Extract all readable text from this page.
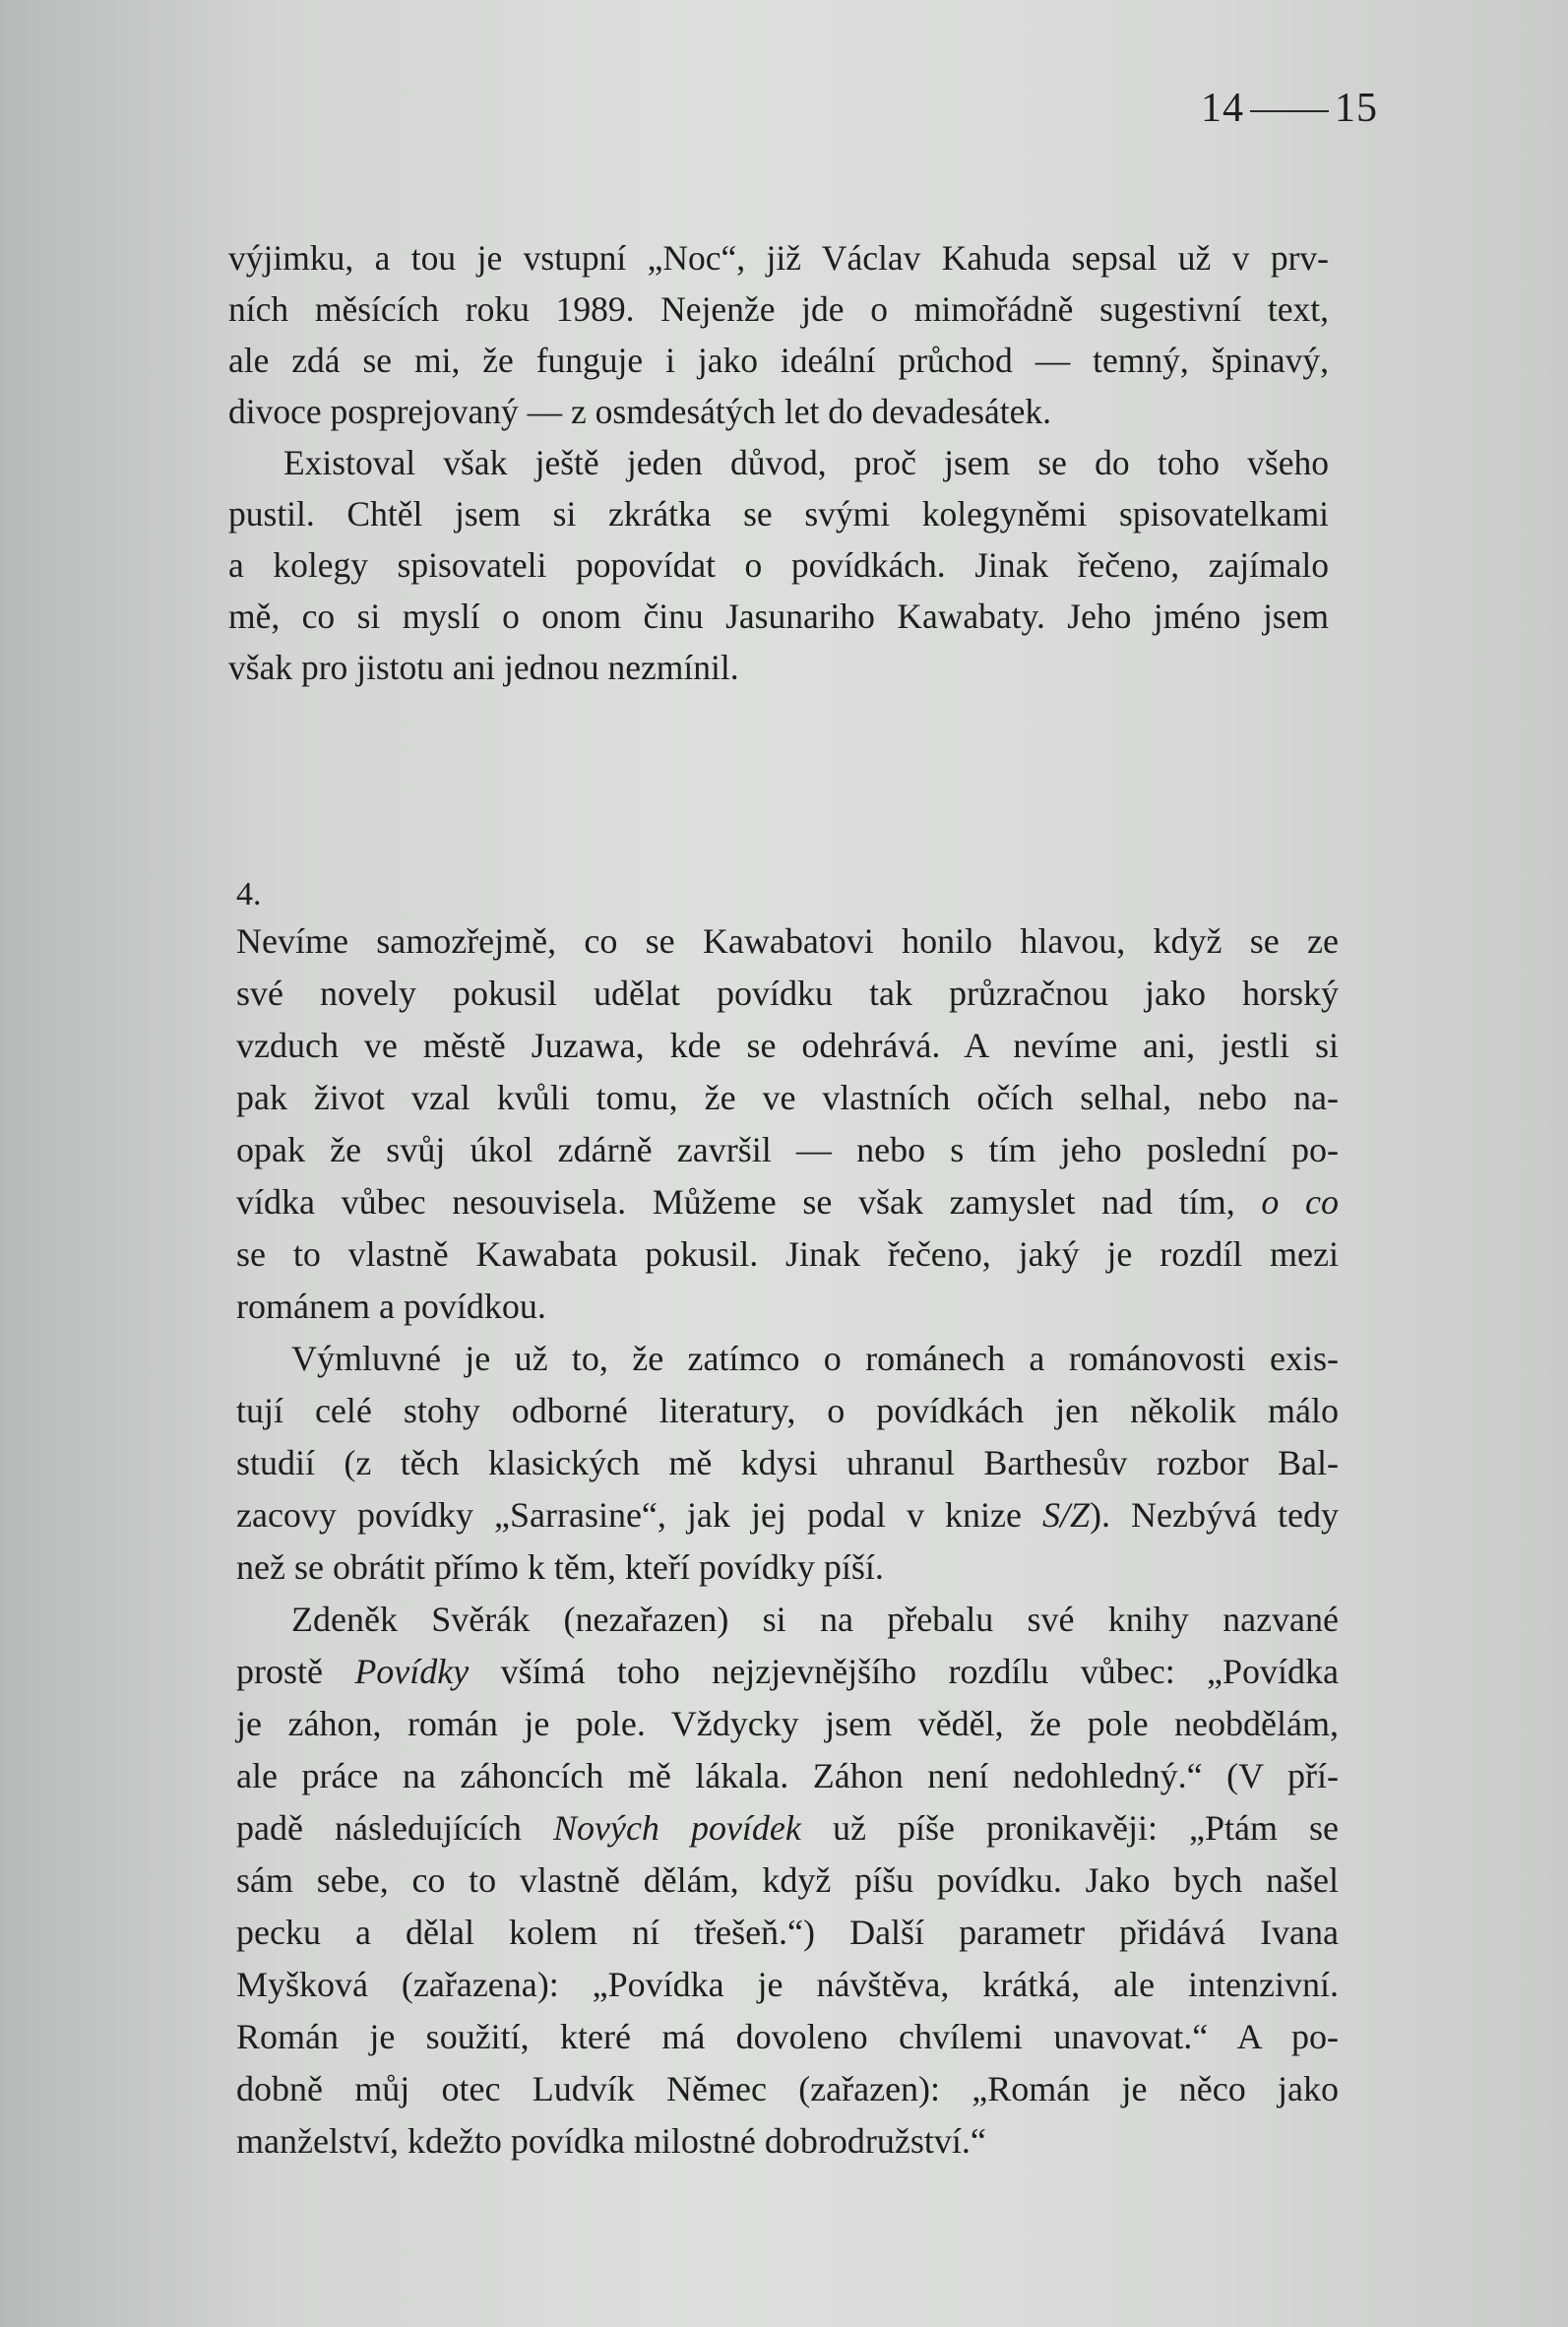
14 15

výjimku, a tou je vstupní „Noc“, již Václav Kahuda sepsal už v prv-
ních měsících roku 1989. Nejenže jde o mimořádně sugestivní text,
ale zdá se mi, že funguje i jako ideální průchod — temný, špinavý,
divoce posprejovaný — z osmdesátých let do devadesátek.

Existoval však ještě jeden důvod, proč jsem se do toho všeho
pustil. Chtěl jsem si zkrátka se svými kolegyněmi spisovatelkami
a kolegy spisovateli popovídat o povídkách. Jinak řečeno, zajímalo
mě, co si myslí o onom činu Jasunariho Kawabaty. Jeho jméno jsem
však pro jistotu ani jednou nezmínil.

4.

Nevíme samozřejmě, co se Kawabatovi honilo hlavou, když se ze
své novely pokusil udělat povídku tak průzračnou jako horský
vzduch ve městě Juzawa, kde se odehrává. A nevíme ani, jestli si
pak život vzal kvůli tomu, že ve vlastních očích selhal, nebo na-
opak že svůj úkol zdárně završil — nebo s tím jeho poslední po-
vídka vůbec nesouvisela. Můžeme se však zamyslet nad tím, o co
se to vlastně Kawabata pokusil. Jinak řečeno, jaký je rozdíl mezi
románem a povídkou.

Výmluvné je už to, že zatímco o románech a románovosti exis-
tují celé stohy odborné literatury, o povídkách jen několik málo
studií (z těch klasických mě kdysi uhranul Barthesův rozbor Bal-
zacovy povídky „Sarrasine“, jak jej podal v knize S/Z). Nezbývá tedy
než se obrátit přímo k těm, kteří povídky píší.

Zdeněk Svěrák (nezařazen) si na přebalu své knihy nazvané
prostě Povídky všímá toho nejzjevnějšího rozdílu vůbec: „Povídka
je záhon, román je pole. Vždycky jsem věděl, že pole neobdělám,
ale práce na záhoncích mě lákala. Záhon není nedohledný.“ (V pří-
padě následujících Nových povídek už píše pronikavěji: „Ptám se
sám sebe, co to vlastně dělám, když píšu povídku. Jako bych našel
pecku a dělal kolem ní třešeň.“) Další parametr přidává Ivana
Myšková (zařazena): „Povídka je návštěva, krátká, ale intenzivní.
Román je soužití, které má dovoleno chvílemi unavovat.“ A po-
dobně můj otec Ludvík Němec (zařazen): „Román je něco jako
manželství, kdežto povídka milostné dobrodružství.“
